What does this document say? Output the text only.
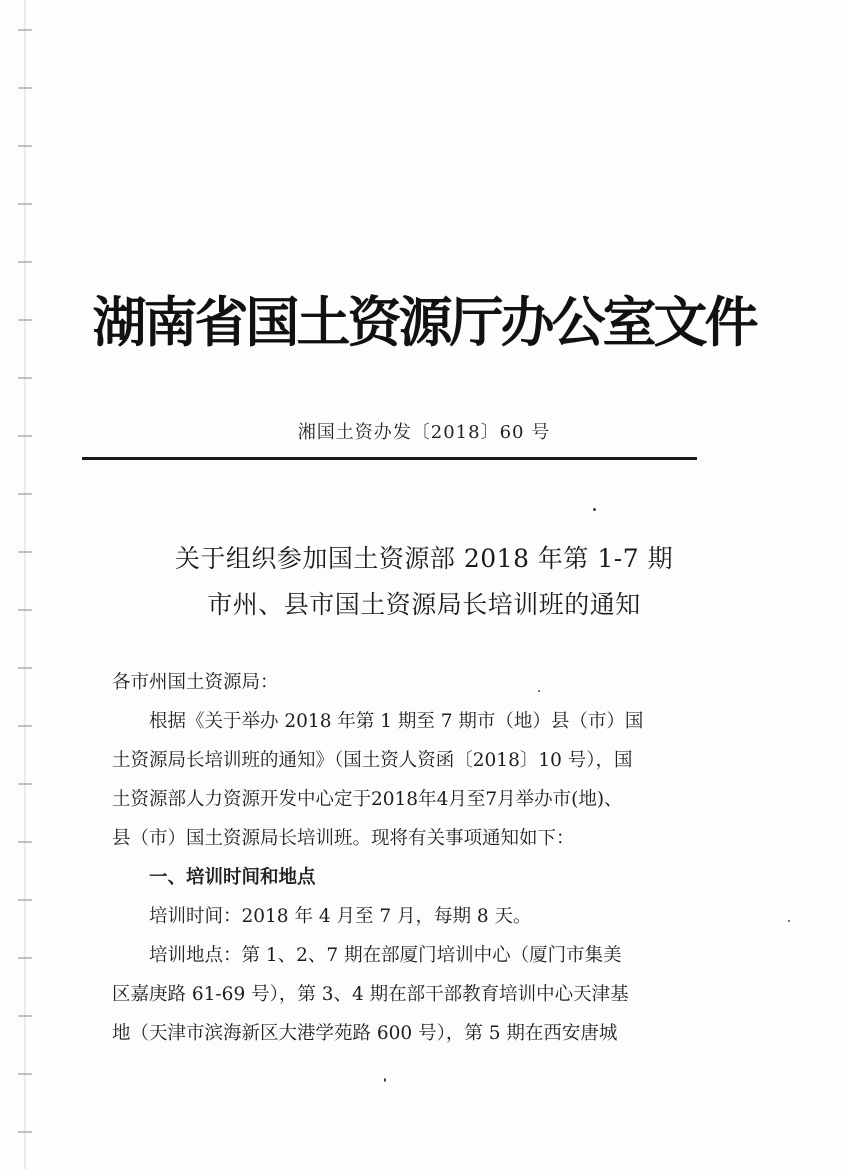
湖南省国土资源厅办公室文件
湘国土资办发〔2018〕60 号
关于组织参加国土资源部 2018 年第 1-7 期
市州、县市国土资源局长培训班的通知

各市州国土资源局：

根据《关于举办 2018 年第 1 期至 7 期市（地）县（市）国

土资源局长培训班的通知》（国土资人资函〔2018〕10 号），国

土资源部人力资源开发中心定于2018年4月至7月举办市(地)、

县（市）国土资源局长培训班。现将有关事项通知如下：

一、培训时间和地点

培训时间：2018 年 4 月至 7 月，每期 8 天。

培训地点：第 1、2、7 期在部厦门培训中心（厦门市集美

区嘉庚路 61-69 号），第 3、4 期在部干部教育培训中心天津基

地（天津市滨海新区大港学苑路 600 号），第 5 期在西安唐城
